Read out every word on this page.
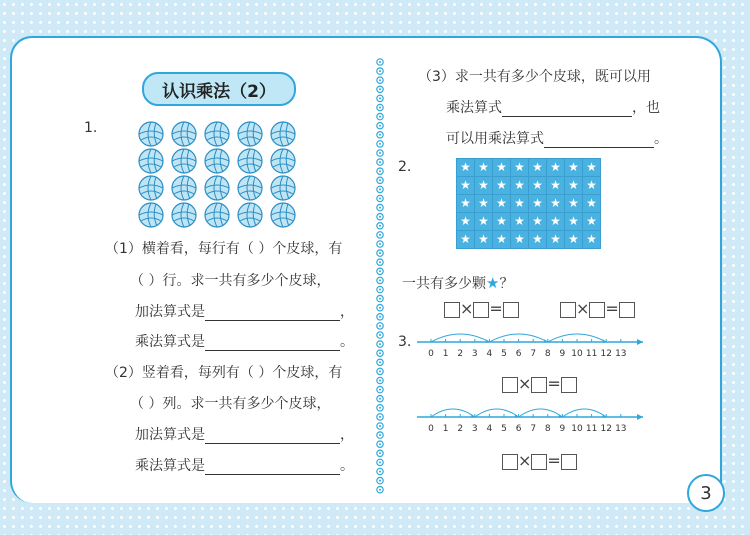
认识乘法（2）
1.
（1）横着看，每行有（ ）个皮球，有
（ ）行。求一共有多少个皮球，
加法算式是	，
乘法算式是	。
（2）竖着看，每列有（ ）个皮球，有
（ ）列。求一共有多少个皮球，
加法算式是	，
乘法算式是	。
（3）求一共有多少个皮球，既可以用
乘法算式	，也
可以用乘法算式	。
2.	★	★	★	★	★	★	★	★
★	★	★	★	★	★	★	★
★	★	★	★	★	★	★	★
★	★	★	★	★	★	★	★
★	★	★	★	★	★	★	★
一共有多少颗★？
× =	× =
3.
0 1 2 3 4 5 6 7 8 9 10 11 12 13
× =
0 1 2 3 4 5 6 7 8 9 10 11 12 13
× =
3
